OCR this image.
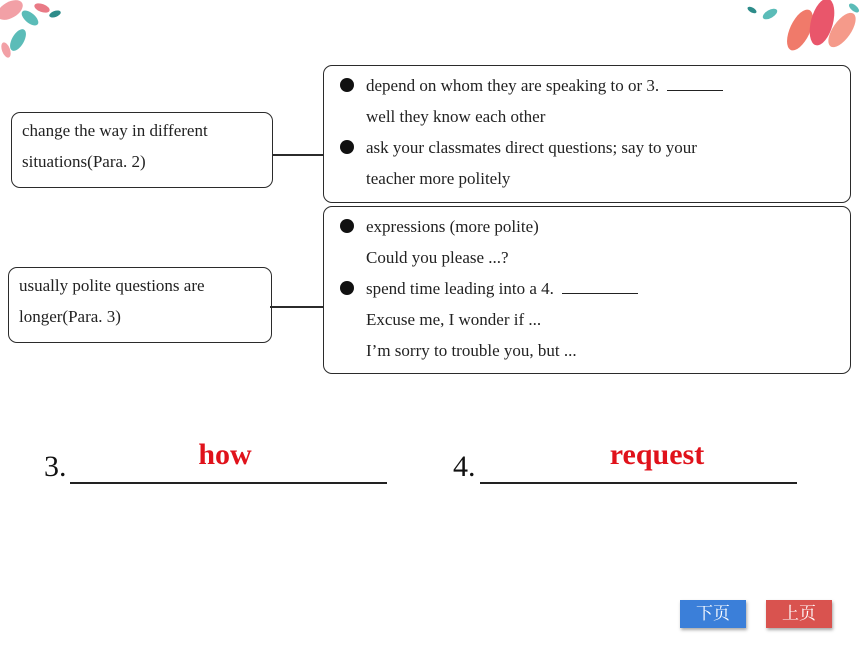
change the way in different
situations(Para. 2)
depend on whom they are speaking to or 3.
well they know each other
ask your classmates direct questions; say to your
teacher more politely
usually polite questions are
longer(Para. 3)
expressions (more polite)
Could you please ...?
spend time leading into a 4.
Excuse me, I wonder if ...
I’m sorry to trouble you, but ...
3.	how	4.	request
下页	上页
